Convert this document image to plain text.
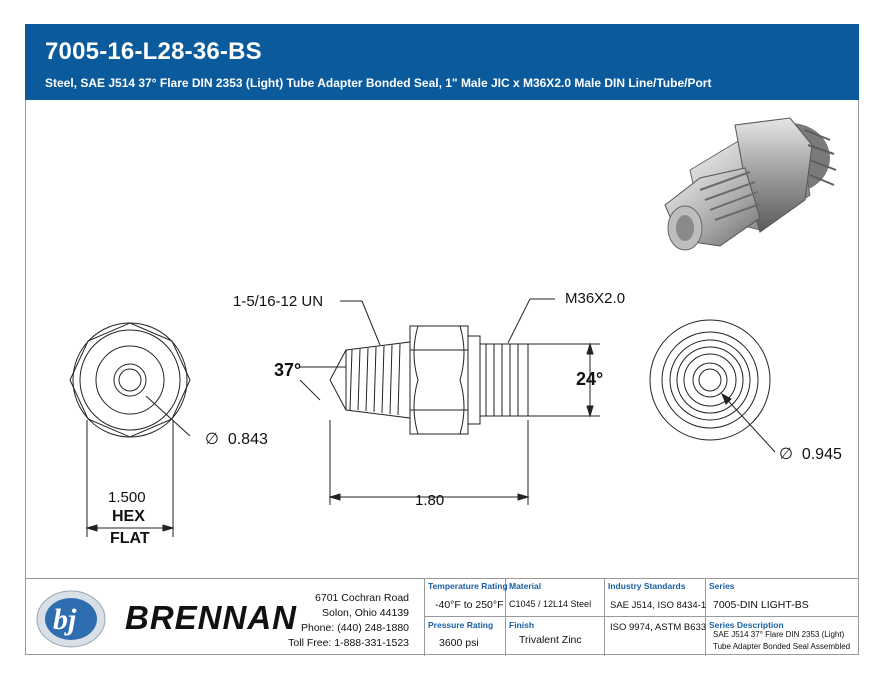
7005-16-L28-36-BS
Steel, SAE J514 37° Flare DIN 2353 (Light) Tube Adapter Bonded Seal, 1" Male JIC x M36X2.0 Male DIN Line/Tube/Port
1-5/16-12 UN	M36X2.0
37°	24°
∅ 0.843
∅ 0.945
1.500
HEX
FLAT
1.80
bj BRENNAN
6701 Cochran Road
Solon, Ohio 44139
Phone: (440) 248-1880
Toll Free: 1-888-331-1523
Temperature Rating
-40°F to 250°F
Pressure Rating
3600 psi
Material
C1045 / 12L14 Steel
Finish
Trivalent Zinc
Industry Standards
SAE J514, ISO 8434-1
ISO 9974, ASTM B633
Series
7005-DIN LIGHT-BS
Series Description
SAE J514 37° Flare DIN 2353 (Light)
Tube Adapter Bonded Seal Assembled
